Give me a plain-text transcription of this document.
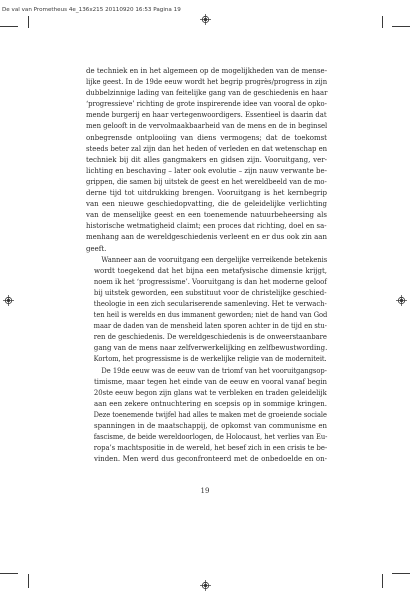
De val van Prometheus 4e_136x215 20110920 16:53 Pagina 19

de techniek en in het algemeen op de mogelijkheden van de mense-
lijke geest. In de 19de eeuw wordt het begrip progrès/progress in zijn
dubbelzinnige lading van feitelijke gang van de geschiedenis en haar
‘progressieve’ richting de grote inspirerende idee van vooral de opko-
mende burgerij en haar vertegenwoordigers. Essentieel is daarin dat
men gelooft in de vervolmaakbaarheid van de mens en de in beginsel
onbegrensde ontplooiing van diens vermogens; dat de toekomst
steeds beter zal zijn dan het heden of verleden en dat wetenschap en
techniek bij dit alles gangmakers en gidsen zijn. Vooruitgang, ver-
lichting en beschaving – later ook evolutie – zijn nauw verwante be-
grippen, die samen bij uitstek de geest en het wereldbeeld van de mo-
derne tijd tot uitdrukking brengen. Vooruitgang is het kernbegrip
van een nieuwe geschiedopvatting, die de geleidelijke verlichting
van de menselijke geest en een toenemende natuurbeheersing als
historische wetmatigheid claimt; een proces dat richting, doel en sa-
menhang aan de wereldgeschiedenis verleent en er dus ook zin aan
geeft.

Wanneer aan de vooruitgang een dergelijke verreikende betekenis
wordt toegekend dat het bijna een metafysische dimensie krijgt,
noem ik het ‘progressisme’. Vooruitgang is dan het moderne geloof
bij uitstek geworden, een substituut voor de christelijke geschied-
theologie in een zich seculariserende samenleving. Het te verwach-
ten heil is werelds en dus immanent geworden; niet de hand van God
maar de daden van de mensheid laten sporen achter in de tijd en stu-
ren de geschiedenis. De wereldgeschiedenis is de onweerstaanbare
gang van de mens naar zelfverwerkelijking en zelfbewustwording.
Kortom, het progressisme is de werkelijke religie van de moderniteit.

De 19de eeuw was de eeuw van de triomf van het vooruitgangsop-
timisme, maar tegen het einde van de eeuw en vooral vanaf begin
20ste eeuw begon zijn glans wat te verbleken en traden geleidelijk
aan een zekere ontnuchtering en scepsis op in sommige kringen.
Deze toenemende twijfel had alles te maken met de groeiende sociale
spanningen in de maatschappij, de opkomst van communisme en
fascisme, de beide wereldoorlogen, de Holocaust, het verlies van Eu-
ropa’s machtspositie in de wereld, het besef zich in een crisis te be-
vinden. Men werd dus geconfronteerd met de onbedoelde en on-

19
